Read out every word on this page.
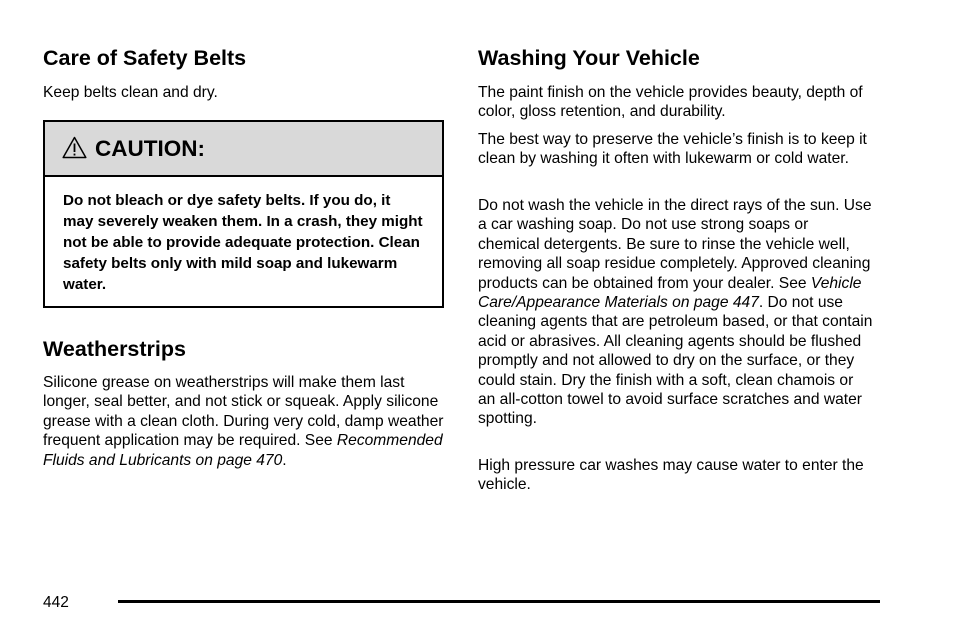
Care of Safety Belts

Keep belts clean and dry.

CAUTION:
Do not bleach or dye safety belts. If you do, it may severely weaken them. In a crash, they might not be able to provide adequate protection. Clean safety belts only with mild soap and lukewarm water.
Weatherstrips

Silicone grease on weatherstrips will make them last longer, seal better, and not stick or squeak. Apply silicone grease with a clean cloth. During very cold, damp weather frequent application may be required. See Recommended Fluids and Lubricants on page 470.

Washing Your Vehicle

The paint finish on the vehicle provides beauty, depth of color, gloss retention, and durability.

The best way to preserve the vehicle’s finish is to keep it clean by washing it often with lukewarm or cold water.

Do not wash the vehicle in the direct rays of the sun. Use a car washing soap. Do not use strong soaps or chemical detergents. Be sure to rinse the vehicle well, removing all soap residue completely. Approved cleaning products can be obtained from your dealer. See Vehicle Care/Appearance Materials on page 447. Do not use cleaning agents that are petroleum based, or that contain acid or abrasives. All cleaning agents should be flushed promptly and not allowed to dry on the surface, or they could stain. Dry the finish with a soft, clean chamois or an all-cotton towel to avoid surface scratches and water spotting.

High pressure car washes may cause water to enter the vehicle.

442
